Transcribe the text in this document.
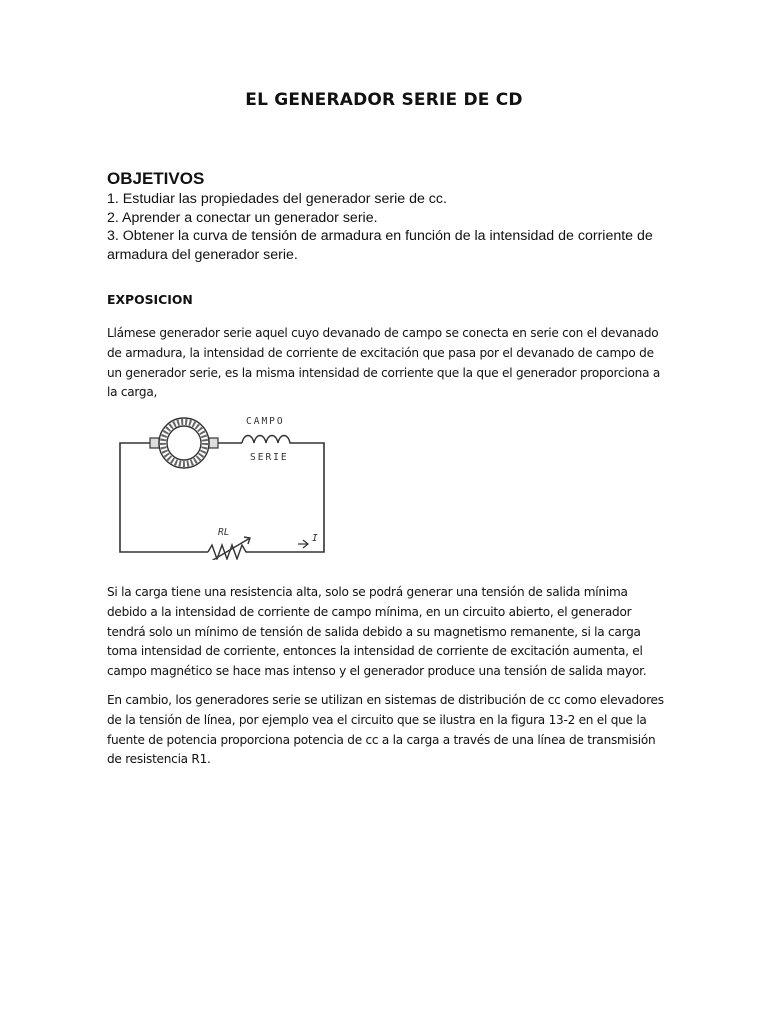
EL GENERADOR SERIE DE CD
OBJETIVOS
1. Estudiar las propiedades del generador serie de cc.
2. Aprender a conectar un generador serie.
3. Obtener la curva de tensión de armadura en función de la intensidad de corriente de armadura del generador serie.
EXPOSICION

Llámese generador serie aquel cuyo devanado de campo se conecta en serie con el devanado de armadura, la intensidad de corriente de excitación que pasa por el devanado de campo de un generador serie, es la misma intensidad de corriente que la que el generador proporciona a la carga,

CAMPO
SERIE
RL
I

Si la carga tiene una resistencia alta, solo se podrá generar una tensión de salida mínima debido a la intensidad de corriente de campo mínima, en un circuito abierto, el generador tendrá solo un mínimo de tensión de salida debido a su magnetismo remanente, si la carga toma intensidad de corriente, entonces la intensidad de corriente de excitación aumenta, el campo magnético se hace mas intenso y el generador produce una tensión de salida mayor.

En cambio, los generadores serie se utilizan en sistemas de distribución de cc como elevadores de la tensión de línea, por ejemplo vea el circuito que se ilustra en la figura 13-2 en el que la fuente de potencia proporciona potencia de cc a la carga a través de una línea de transmisión de resistencia R1.
